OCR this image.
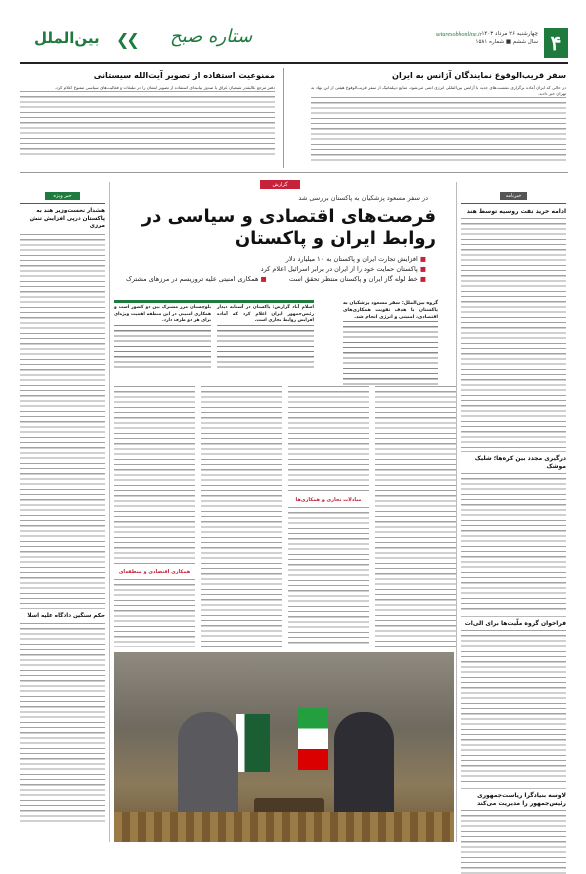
۴
چهارشنبه ۲۶ مرداد ۱۴۰۳
سال ششم ■ شماره ۱۵۸۱
setaresobhonline.ir
ستاره صبح
❯❯
بین‌الملل
سفر قریب‌الوقوع نمایندگان آژانس به ایران
در حالی که ایران آماده برگزاری نشست‌های جدید با آژانس بین‌المللی انرژی اتمی می‌شود، منابع دیپلماتیک از سفر قریب‌الوقوع هیئتی از این نهاد به تهران خبر دادند.
ممنوعیت استفاده از تصویر آیت‌الله سیستانی
دفتر مرجع عالیقدر شیعیان عراق با صدور بیانیه‌ای استفاده از تصویر ایشان را در تبلیغات و فعالیت‌های سیاسی ممنوع اعلام کرد.
خبرنامه
ادامه خرید نفت روسیه توسط هند
درگیری مجدد بین کره‌ها؛ شلیک موشک
فراخوان گروه ملّیت‌ها برای الی‌ات
لاوسه بنیادگرا ریاست‌جمهوری رئیس‌جمهور را مدیریت می‌کند
گزارش
در سفر مسعود پزشکیان به پاکستان بررسی شد
فرصت‌های اقتصادی و سیاسی در روابط ایران و پاکستان
■ افزایش تجارت ایران و پاکستان به ۱۰ میلیارد دلار
■ پاکستان حمایت خود را از ایران در برابر اسرائیل اعلام کرد
■ خط لوله گاز ایران و پاکستان منتظر تحقق است
■ همکاری امنیتی علیه تروریسم در مرزهای مشترک
گروه بین‌الملل: سفر مسعود پزشکیان به پاکستان با هدف تقویت همکاری‌های اقتصادی، امنیتی و انرژی انجام شد.
اسلام آباد گزارش: پاکستان در آستانه دیدار رئیس‌جمهور ایران اعلام کرد که آماده افزایش روابط تجاری است.
بلوچستان مرز مشترک بین دو کشور است و همکاری امنیتی در این منطقه اهمیت ویژه‌ای برای هر دو طرف دارد.
مبادلات تجاری و همکاری‌ها
همکاری اقتصادی و منطقه‌ای
خبر ویژه
هشدار نخست‌وزیر هند به پاکستان درپی افزایش تنش مرزی
حکم سنگین دادگاه علیه اسلا
